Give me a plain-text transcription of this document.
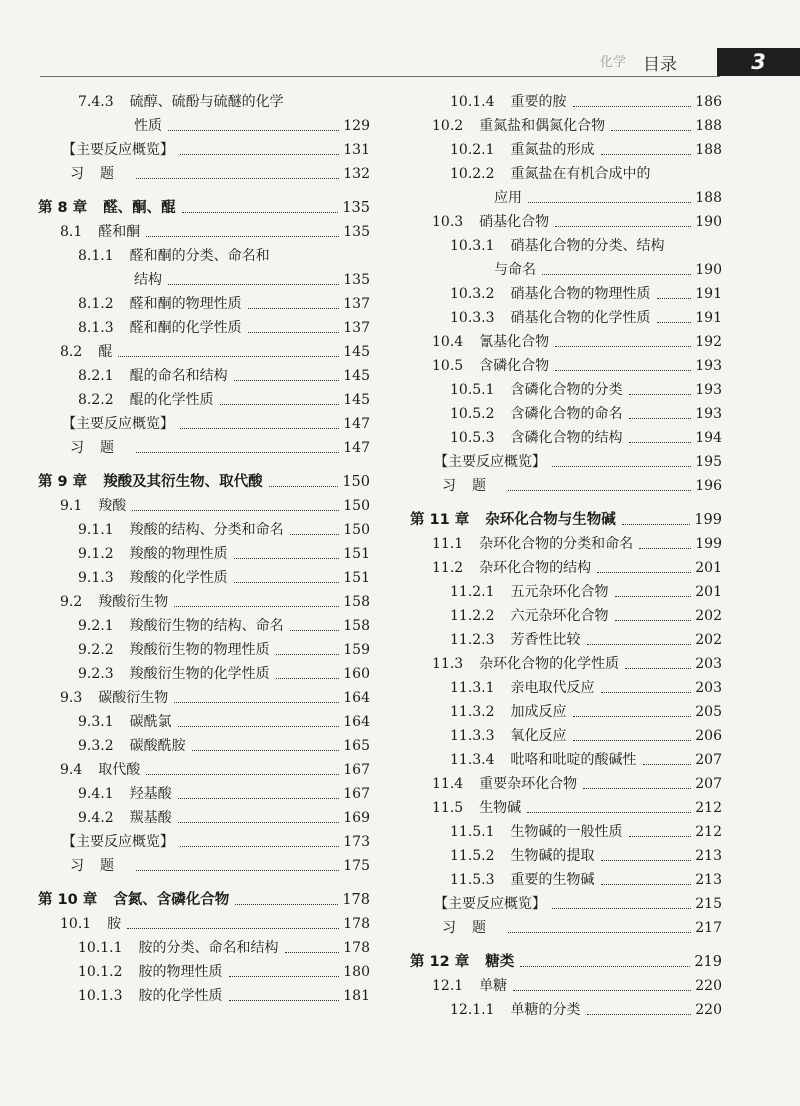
化学 目录	3
7.4.3 硫醇、硫酚与硫醚的化学
性质	129
【主要反应概览】	131
习题	132
第 8 章 醛、酮、醌	135
8.1 醛和酮	135
8.1.1 醛和酮的分类、命名和
结构	135
8.1.2 醛和酮的物理性质	137
8.1.3 醛和酮的化学性质	137
8.2 醌	145
8.2.1 醌的命名和结构	145
8.2.2 醌的化学性质	145
【主要反应概览】	147
习题	147
第 9 章 羧酸及其衍生物、取代酸	150
9.1 羧酸	150
9.1.1 羧酸的结构、分类和命名	150
9.1.2 羧酸的物理性质	151
9.1.3 羧酸的化学性质	151
9.2 羧酸衍生物	158
9.2.1 羧酸衍生物的结构、命名	158
9.2.2 羧酸衍生物的物理性质	159
9.2.3 羧酸衍生物的化学性质	160
9.3 碳酸衍生物	164
9.3.1 碳酰氯	164
9.3.2 碳酸酰胺	165
9.4 取代酸	167
9.4.1 羟基酸	167
9.4.2 羰基酸	169
【主要反应概览】	173
习题	175
第 10 章 含氮、含磷化合物	178
10.1 胺	178
10.1.1 胺的分类、命名和结构	178
10.1.2 胺的物理性质	180
10.1.3 胺的化学性质	181
10.1.4 重要的胺	186
10.2 重氮盐和偶氮化合物	188
10.2.1 重氮盐的形成	188
10.2.2 重氮盐在有机合成中的
应用	188
10.3 硝基化合物	190
10.3.1 硝基化合物的分类、结构
与命名	190
10.3.2 硝基化合物的物理性质	191
10.3.3 硝基化合物的化学性质	191
10.4 氰基化合物	192
10.5 含磷化合物	193
10.5.1 含磷化合物的分类	193
10.5.2 含磷化合物的命名	193
10.5.3 含磷化合物的结构	194
【主要反应概览】	195
习题	196
第 11 章 杂环化合物与生物碱	199
11.1 杂环化合物的分类和命名	199
11.2 杂环化合物的结构	201
11.2.1 五元杂环化合物	201
11.2.2 六元杂环化合物	202
11.2.3 芳香性比较	202
11.3 杂环化合物的化学性质	203
11.3.1 亲电取代反应	203
11.3.2 加成反应	205
11.3.3 氧化反应	206
11.3.4 吡咯和吡啶的酸碱性	207
11.4 重要杂环化合物	207
11.5 生物碱	212
11.5.1 生物碱的一般性质	212
11.5.2 生物碱的提取	213
11.5.3 重要的生物碱	213
【主要反应概览】	215
习题	217
第 12 章 糖类	219
12.1 单糖	220
12.1.1 单糖的分类	220
